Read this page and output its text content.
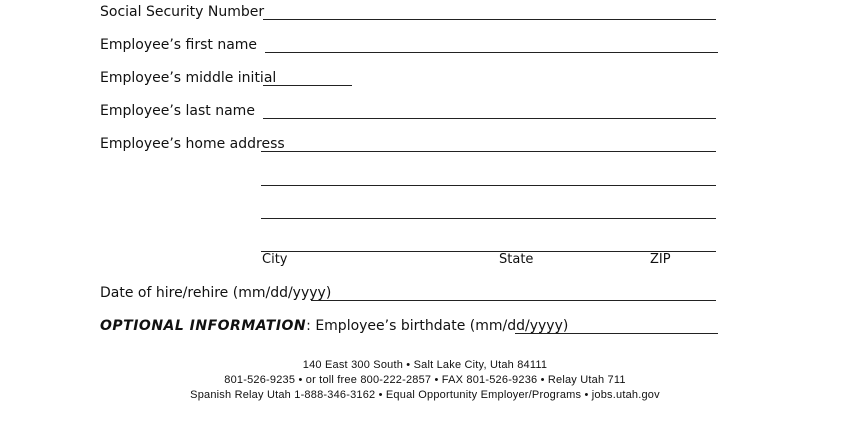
Social Security Number
Employee’s first name
Employee’s middle initial
Employee’s last name
Employee’s home address
City	State	ZIP
Date of hire/rehire (mm/dd/yyyy)
OPTIONAL INFORMATION: Employee’s birthdate (mm/dd/yyyy)
140 East 300 South • Salt Lake City, Utah 84111
801-526-9235 • or toll free 800-222-2857 • FAX 801-526-9236 • Relay Utah 711
Spanish Relay Utah 1-888-346-3162 • Equal Opportunity Employer/Programs • jobs.utah.gov
